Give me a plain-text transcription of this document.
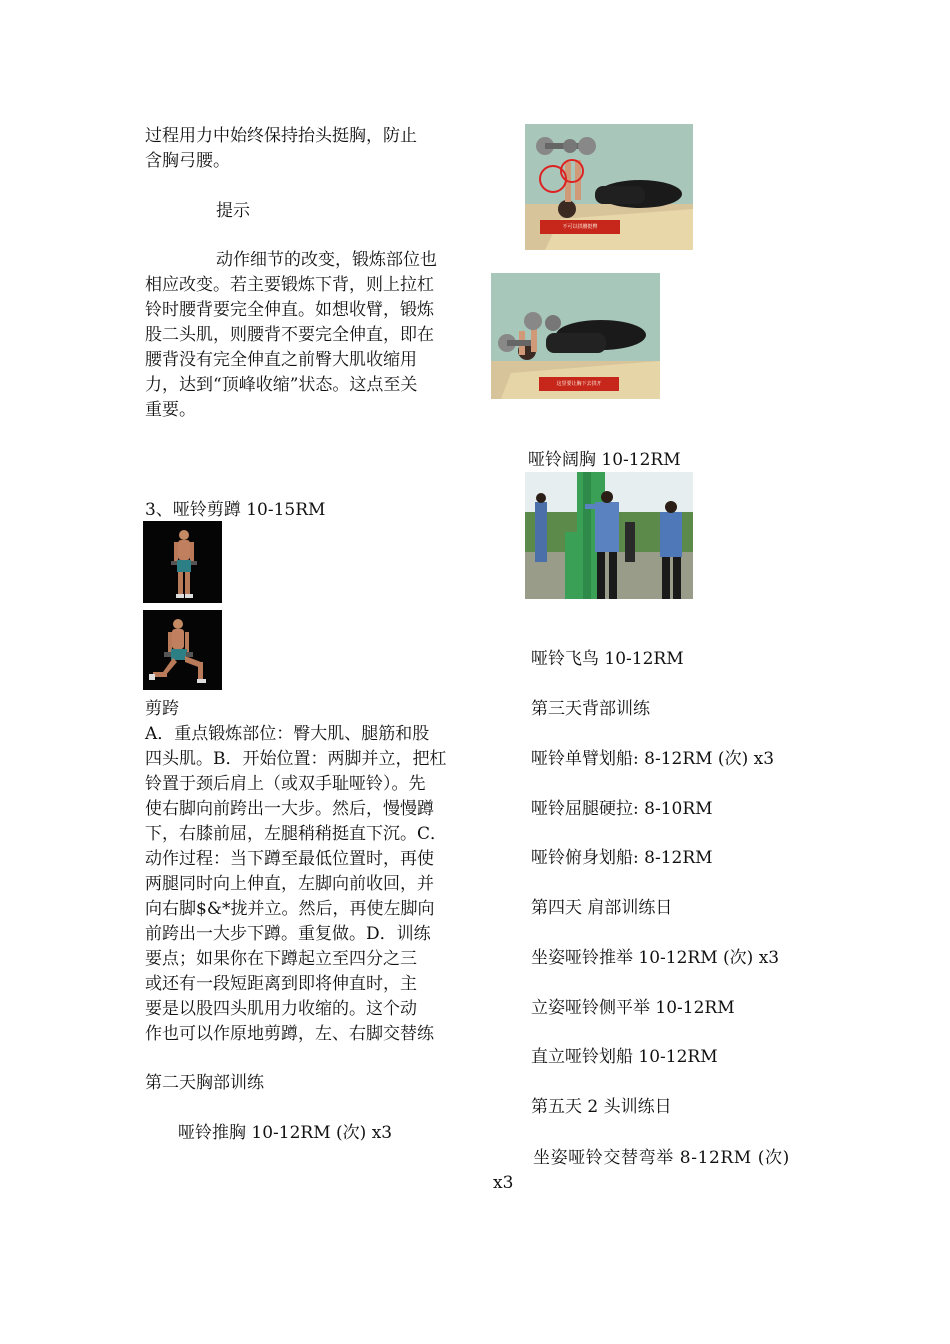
过程用力中始终保持抬头挺胸，防止
含胸弓腰。
提示
动作细节的改变，锻炼部位也
相应改变。若主要锻炼下背，则上拉杠
铃时腰背要完全伸直。如想收臂，锻炼
股二头肌，则腰背不要完全伸直，即在
腰背没有完全伸直之前臀大肌收缩用
力，达到“顶峰收缩”状态。这点至关
重要。
3、哑铃剪蹲 10-15RM
剪跨
A．重点锻炼部位：臀大肌、腿筋和股
四头肌。B．开始位置：两脚并立，把杠
铃置于颈后肩上（或双手耻哑铃）。先
使右脚向前跨出一大步。然后，慢慢蹲
下，右膝前屈，左腿稍稍挺直下沉。C．
动作过程：当下蹲至最低位置时，再使
两腿同时向上伸直，左脚向前收回，并
向右脚$&*拢并立。然后，再使左脚向
前跨出一大步下蹲。重复做。D．训练
要点；如果你在下蹲起立至四分之三
或还有一段短距离到即将伸直时，主
要是以股四头肌用力收缩的。这个动
作也可以作原地剪蹲，左、右脚交替练
第二天胸部训练
哑铃推胸 10-12RM (次) x3
不可以拱腰挺臀
这里要让胸下去拱开
哑铃阔胸 10-12RM
哑铃飞鸟 10-12RM
第三天背部训练
哑铃单臂划船: 8-12RM (次) x3
哑铃屈腿硬拉: 8-10RM
哑铃俯身划船: 8-12RM
第四天 肩部训练日
坐姿哑铃推举 10-12RM (次) x3
立姿哑铃侧平举 10-12RM
直立哑铃划船 10-12RM
第五天 2 头训练日
坐姿哑铃交替弯举 8-12RM (次)
x3
